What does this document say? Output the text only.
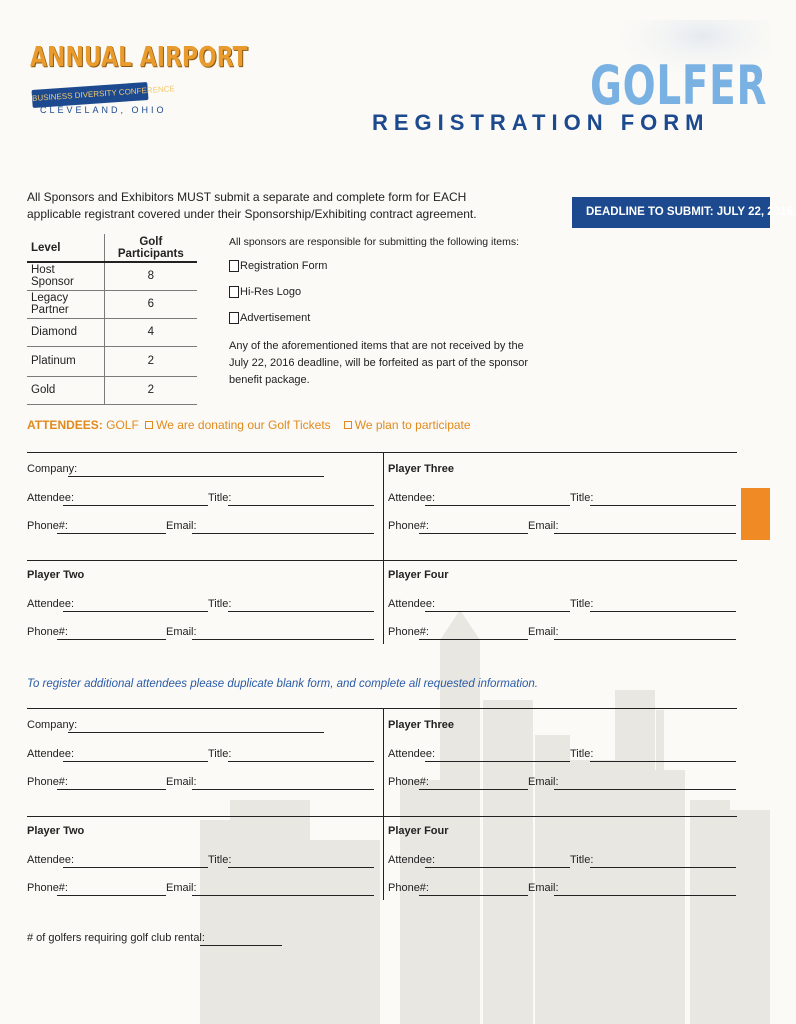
ANNUAL AIRPORT
BUSINESS DIVERSITY CONFERENCE
CLEVELAND, OHIO	GOLFER
REGISTRATION FORM
All Sponsors and Exhibitors MUST submit a separate and complete form for EACH applicable registrant covered under their Sponsorship/Exhibiting contract agreement.	DEADLINE TO SUBMIT: JULY 22, 2016.
Level	Golf Participants
Host Sponsor	8
Legacy Partner	6
Diamond	4
Platinum	2
Gold	2
All sponsors are responsible for submitting the following items:
Registration Form
Hi-Res Logo
Advertisement
Any of the aforementioned items that are not received by the July 22, 2016 deadline, will be forfeited as part of the sponsor benefit package.
ATTENDEES: GOLF We are donating our Golf Tickets We plan to participate
Company:
Attendee:	Title:
Phone#:	Email:
Player Three
Attendee:	Title:
Phone#:	Email:
Player Two
Attendee:	Title:
Phone#:	Email:
Player Four
Attendee:	Title:
Phone#:	Email:
To register additional attendees please duplicate blank form, and complete all requested information.
Company:
Attendee:	Title:
Phone#:	Email:
Player Three
Attendee:	Title:
Phone#:	Email:
Player Two
Attendee:	Title:
Phone#:	Email:
Player Four
Attendee:	Title:
Phone#:	Email:
# of golfers requiring golf club rental:
